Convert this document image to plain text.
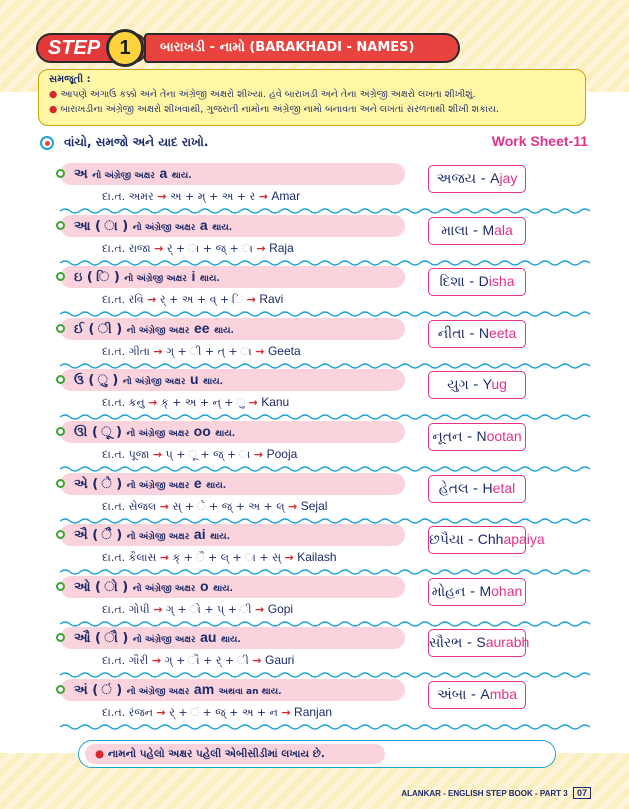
STEP 1	બારાખડી - નામો (BARAKHADI - NAMES)
સમજૂતી :
● આપણે અગાઉ કક્કો અને તેના અંગ્રેજી અક્ષરો શીખ્યા. હવે બારાખડી અને તેના અંગ્રેજી અક્ષરો લખતા શીખીશું.
● બારાખડીના અંગ્રેજી અક્ષરો શીખવાથી, ગુજરાતી નામોના અંગ્રેજી નામો બનાવતા અને લખતાં સરળતાથી શીખી શકાય.
વાંચો, સમજો અને યાદ રાખો.	Work Sheet-11
અ નો અંગ્રેજી અક્ષર a થાય.
દા.ત. અમર → અ + મ્ + અ + ર → Amar
અજય - Ajay
આ ( ા ) નો અંગ્રેજી અક્ષર a થાય.
દા.ત. રાજા → ર્ + ા + જ્ + ા → Raja
માલા - Mala
ઇ ( િ ) નો અંગ્રેજી અક્ષર i થાય.
દા.ત. રવિ → ર્ + અ + વ્ + િ → Ravi
દિશા - Disha
ઈ ( ી ) નો અંગ્રેજી અક્ષર ee થાય.
દા.ત. ગીતા → ગ્ + ી + ત્ + ા → Geeta
નીતા - Neeta
ઉ ( ુ ) નો અંગ્રેજી અક્ષર u થાય.
દા.ત. કનુ → ક્ + અ + ન્ + ુ → Kanu
યુગ - Yug
ઊ ( ૂ ) નો અંગ્રેજી અક્ષર oo થાય.
દા.ત. પૂજા → પ્ + ૂ + જ્ + ા → Pooja
નૂતન - Nootan
એ ( ે ) નો અંગ્રેજી અક્ષર e થાય.
દા.ત. સેજલ → સ્ + ે + જ્ + અ + લ્ → Sejal
હેતલ - Hetal
ઐ ( ૈ ) નો અંગ્રેજી અક્ષર ai થાય.
દા.ત. કૈલાસ → ક્ + ૈ + લ્ + ા + સ્ → Kailash
છપૈયા - Chhapaiya
ઓ ( ો ) નો અંગ્રેજી અક્ષર o થાય.
દા.ત. ગોપી → ગ્ + ો + પ્ + ી → Gopi
મોહન - Mohan
ઔ ( ૌ ) નો અંગ્રેજી અક્ષર au થાય.
દા.ત. ગૌરી → ગ્ + ૌ + ર્ + ી → Gauri
સૌરભ - Saurabh
અં ( ં ) નો અંગ્રેજી અક્ષર am અથવા an થાય.
દા.ત. રંજન → ર્ + ં + જ્ + અ + ન → Ranjan
અંબા - Amba
● નામનો પહેલો અક્ષર પહેલી એબીસીડીમાં લખાય છે.
ALANKAR - ENGLISH STEP BOOK - PART 3 07
